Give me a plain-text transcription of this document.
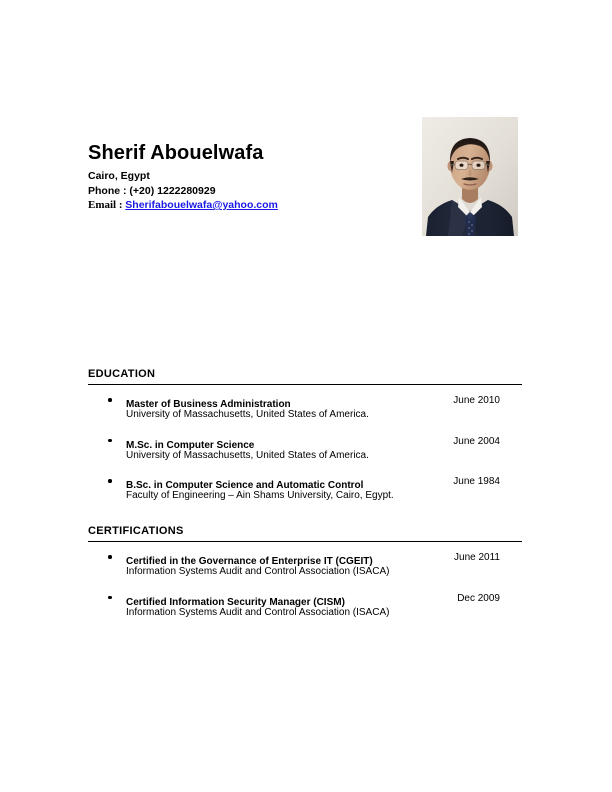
Sherif Abouelwafa
Cairo, Egypt
Phone : (+20) 1222280929
Email : Sherifabouelwafa@yahoo.com
EDUCATION
Master of Business Administration	June 2010
University of Massachusetts, United States of America.
M.Sc. in Computer Science	June 2004
University of Massachusetts, United States of America.
B.Sc. in Computer Science and Automatic Control	June 1984
Faculty of Engineering – Ain Shams University, Cairo, Egypt.
CERTIFICATIONS
Certified in the Governance of Enterprise IT (CGEIT)	June 2011
Information Systems Audit and Control Association (ISACA)
Certified Information Security Manager (CISM)	Dec 2009
Information Systems Audit and Control Association (ISACA)
